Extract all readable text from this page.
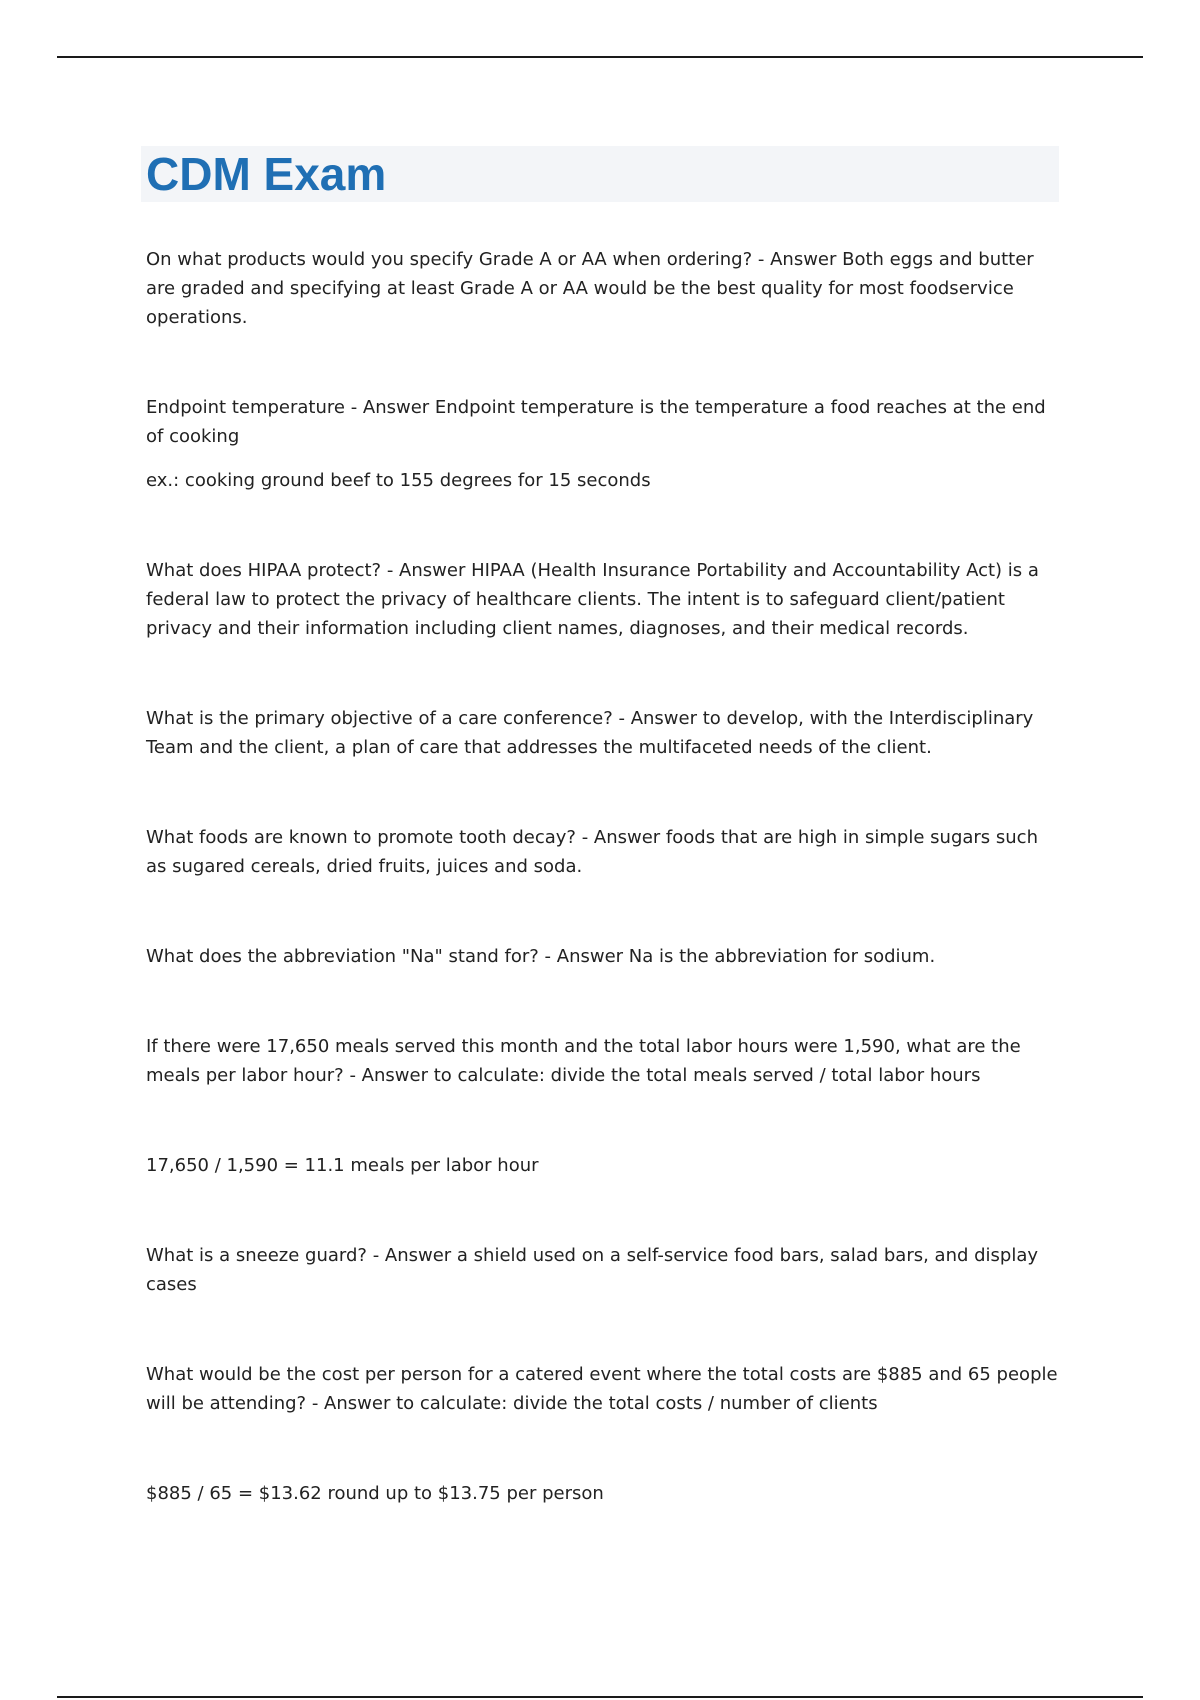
CDM Exam

On what products would you specify Grade A or AA when ordering? - Answer Both eggs and butter are graded and specifying at least Grade A or AA would be the best quality for most foodservice operations.

Endpoint temperature - Answer Endpoint temperature is the temperature a food reaches at the end of cooking

ex.: cooking ground beef to 155 degrees for 15 seconds

What does HIPAA protect? - Answer HIPAA (Health Insurance Portability and Accountability Act) is a federal law to protect the privacy of healthcare clients. The intent is to safeguard client/patient privacy and their information including client names, diagnoses, and their medical records.

What is the primary objective of a care conference? - Answer to develop, with the Interdisciplinary Team and the client, a plan of care that addresses the multifaceted needs of the client.

What foods are known to promote tooth decay? - Answer foods that are high in simple sugars such as sugared cereals, dried fruits, juices and soda.

What does the abbreviation "Na" stand for? - Answer Na is the abbreviation for sodium.

If there were 17,650 meals served this month and the total labor hours were 1,590, what are the meals per labor hour? - Answer to calculate: divide the total meals served / total labor hours

17,650 / 1,590 = 11.1 meals per labor hour

What is a sneeze guard? - Answer a shield used on a self-service food bars, salad bars, and display cases

What would be the cost per person for a catered event where the total costs are $885 and 65 people will be attending? - Answer to calculate: divide the total costs / number of clients

$885 / 65 = $13.62 round up to $13.75 per person
